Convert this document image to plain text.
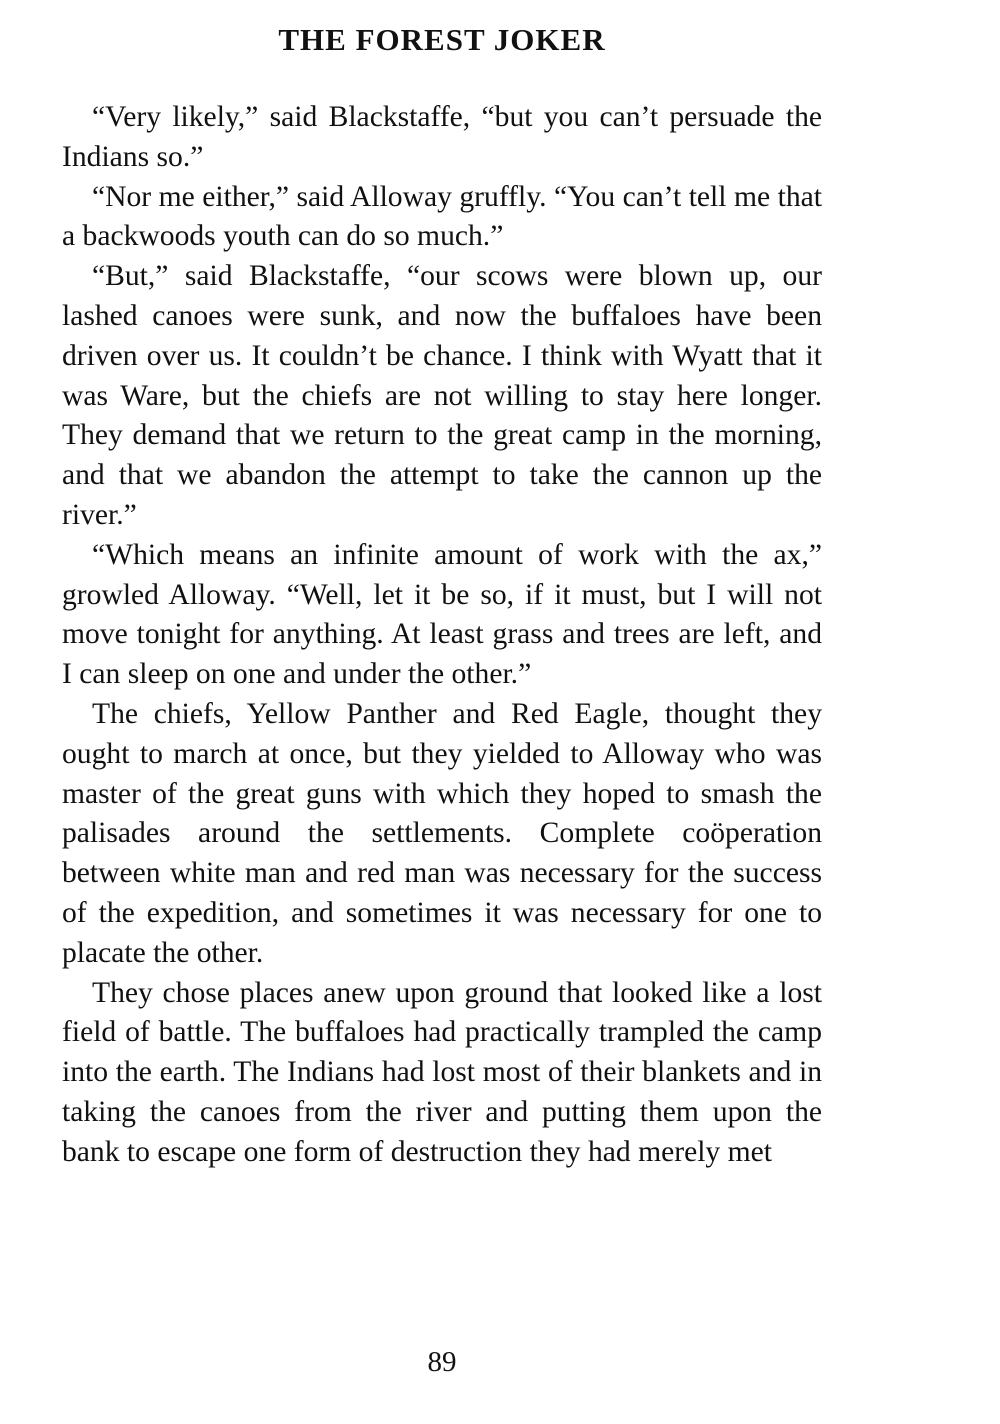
THE FOREST JOKER

“Very likely,” said Blackstaffe, “but you can’t persuade the Indians so.”

“Nor me either,” said Alloway gruffly. “You can’t tell me that a backwoods youth can do so much.”

“But,” said Blackstaffe, “our scows were blown up, our lashed canoes were sunk, and now the buffaloes have been driven over us. It couldn’t be chance. I think with Wyatt that it was Ware, but the chiefs are not willing to stay here longer. They demand that we return to the great camp in the morning, and that we abandon the attempt to take the cannon up the river.”

“Which means an infinite amount of work with the ax,” growled Alloway. “Well, let it be so, if it must, but I will not move tonight for anything. At least grass and trees are left, and I can sleep on one and under the other.”

The chiefs, Yellow Panther and Red Eagle, thought they ought to march at once, but they yielded to Alloway who was master of the great guns with which they hoped to smash the palisades around the settlements. Complete coöperation between white man and red man was necessary for the success of the expedition, and sometimes it was necessary for one to placate the other.

They chose places anew upon ground that looked like a lost field of battle. The buffaloes had practically trampled the camp into the earth. The Indians had lost most of their blankets and in taking the canoes from the river and putting them upon the bank to escape one form of destruction they had merely met

89
